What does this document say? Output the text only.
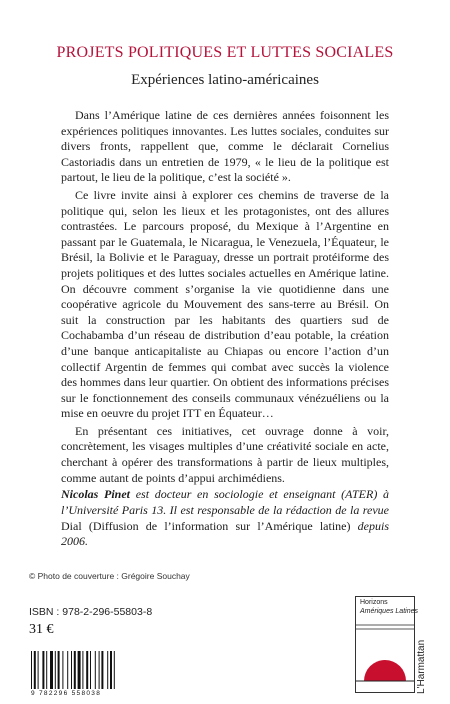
PROJETS POLITIQUES ET LUTTES SOCIALES
Expériences latino-américaines

Dans l’Amérique latine de ces dernières années foisonnent les expériences politiques innovantes. Les luttes sociales, conduites sur divers fronts, rappellent que, comme le déclarait Cornelius Castoriadis dans un entretien de 1979, « le lieu de la politique est partout, le lieu de la politique, c’est la société ».

Ce livre invite ainsi à explorer ces chemins de traverse de la politique qui, selon les lieux et les protagonistes, ont des allures contrastées. Le parcours proposé, du Mexique à l’Argentine en passant par le Guatemala, le Nicaragua, le Venezuela, l’Équateur, le Brésil, la Bolivie et le Paraguay, dresse un portrait protéiforme des projets politiques et des luttes sociales actuelles en Amérique latine. On découvre comment s’organise la vie quotidienne dans une coopérative agricole du Mouvement des sans-terre au Brésil. On suit la construction par les habitants des quartiers sud de Cochabamba d’un réseau de distribution d’eau potable, la création d’une banque anticapitaliste au Chiapas ou encore l’action d’un collectif Argentin de femmes qui combat avec succès la violence des hommes dans leur quartier. On obtient des informations précises sur le fonctionnement des conseils communaux vénézuéliens ou la mise en oeuvre du projet ITT en Équateur…

En présentant ces initiatives, cet ouvrage donne à voir, concrètement, les visages multiples d’une créativité sociale en acte, cherchant à opérer des transformations à partir de lieux multiples, comme autant de points d’appui archimédiens.

Nicolas Pinet est docteur en sociologie et enseignant (ATER) à l’Université Paris 13. Il est responsable de la rédaction de la revue Dial (Diffusion de l’information sur l’Amérique latine) depuis 2006.
© Photo de couverture : Grégoire Souchay
ISBN : 978-2-296-55803-8
31 €
9 782296 558038
Horizons
Amériques Latines
L'Harmattan
